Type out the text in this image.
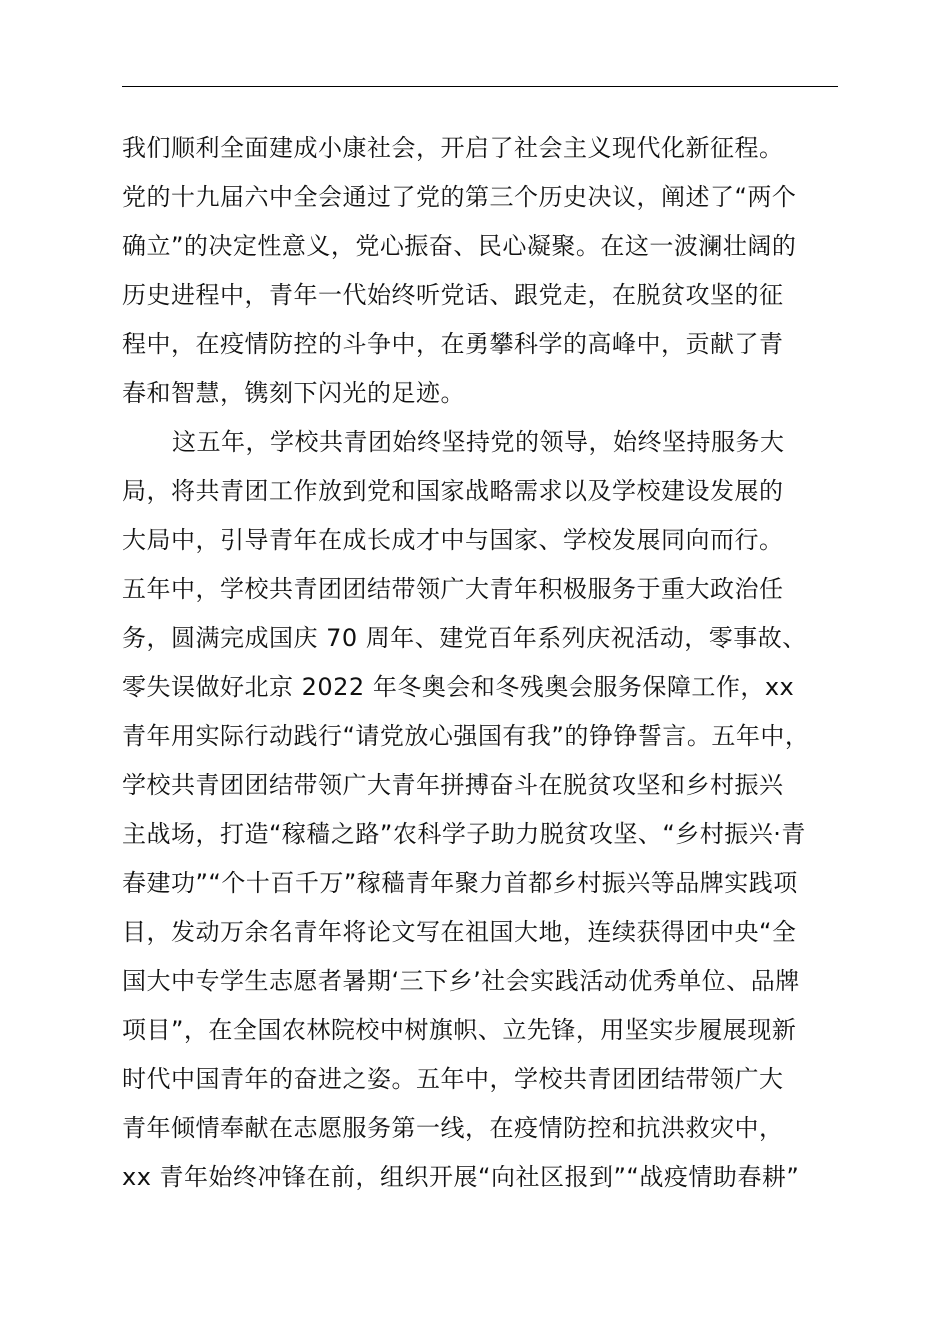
我们顺利全面建成小康社会，开启了社会主义现代化新征程。
党的十九届六中全会通过了党的第三个历史决议，阐述了“两个
确立”的决定性意义，党心振奋、民心凝聚。在这一波澜壮阔的
历史进程中，青年一代始终听党话、跟党走，在脱贫攻坚的征
程中，在疫情防控的斗争中，在勇攀科学的高峰中，贡献了青
春和智慧，镌刻下闪光的足迹。
这五年，学校共青团始终坚持党的领导，始终坚持服务大
局，将共青团工作放到党和国家战略需求以及学校建设发展的
大局中，引导青年在成长成才中与国家、学校发展同向而行。
五年中，学校共青团团结带领广大青年积极服务于重大政治任
务，圆满完成国庆 70 周年、建党百年系列庆祝活动，零事故、
零失误做好北京 2022 年冬奥会和冬残奥会服务保障工作，xx
青年用实际行动践行“请党放心强国有我”的铮铮誓言。五年中，
学校共青团团结带领广大青年拼搏奋斗在脱贫攻坚和乡村振兴
主战场，打造“稼穑之路”农科学子助力脱贫攻坚、“乡村振兴·青
春建功”“个十百千万”稼穑青年聚力首都乡村振兴等品牌实践项
目，发动万余名青年将论文写在祖国大地，连续获得团中央“全
国大中专学生志愿者暑期‘三下乡’社会实践活动优秀单位、品牌
项目”，在全国农林院校中树旗帜、立先锋，用坚实步履展现新
时代中国青年的奋进之姿。五年中，学校共青团团结带领广大
青年倾情奉献在志愿服务第一线，在疫情防控和抗洪救灾中，
xx 青年始终冲锋在前，组织开展“向社区报到”“战疫情助春耕”
